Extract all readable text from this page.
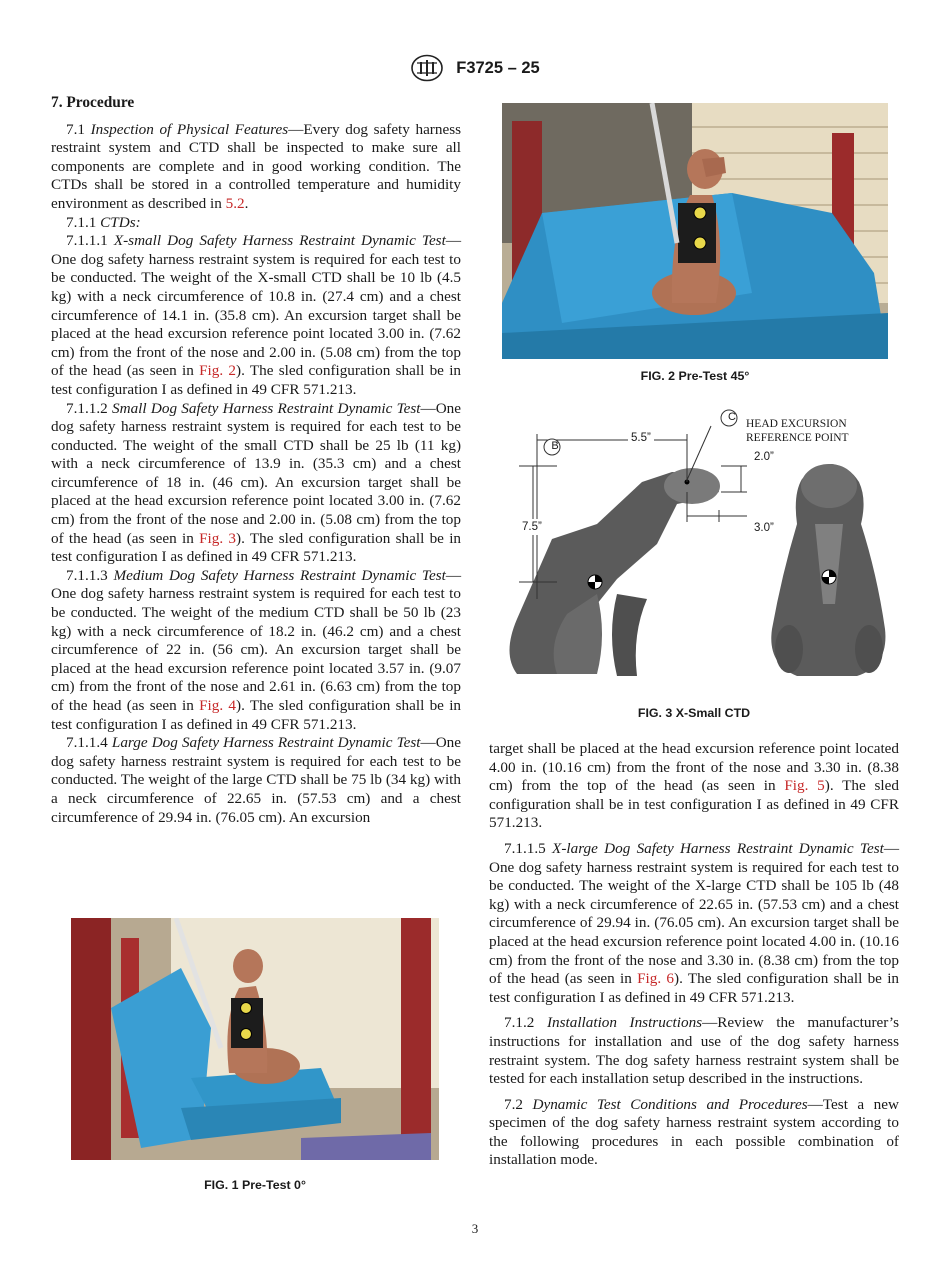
F3725 – 25
7. Procedure

7.1 Inspection of Physical Features—Every dog safety harness restraint system and CTD shall be inspected to make sure all components are complete and in good working condition. The CTDs shall be stored in a controlled temperature and humidity environment as described in 5.2.

7.1.1 CTDs:

7.1.1.1 X-small Dog Safety Harness Restraint Dynamic Test—One dog safety harness restraint system is required for each test to be conducted. The weight of the X-small CTD shall be 10 lb (4.5 kg) with a neck circumference of 10.8 in. (27.4 cm) and a chest circumference of 14.1 in. (35.8 cm). An excursion target shall be placed at the head excursion reference point located 3.00 in. (7.62 cm) from the front of the nose and 2.00 in. (5.08 cm) from the top of the head (as seen in Fig. 2). The sled configuration shall be in test configuration I as defined in 49 CFR 571.213.

7.1.1.2 Small Dog Safety Harness Restraint Dynamic Test—One dog safety harness restraint system is required for each test to be conducted. The weight of the small CTD shall be 25 lb (11 kg) with a neck circumference of 13.9 in. (35.3 cm) and a chest circumference of 18 in. (46 cm). An excursion target shall be placed at the head excursion reference point located 3.00 in. (7.62 cm) from the front of the nose and 2.00 in. (5.08 cm) from the top of the head (as seen in Fig. 3). The sled configuration shall be in test configuration I as defined in 49 CFR 571.213.

7.1.1.3 Medium Dog Safety Harness Restraint Dynamic Test—One dog safety harness restraint system is required for each test to be conducted. The weight of the medium CTD shall be 50 lb (23 kg) with a neck circumference of 18.2 in. (46.2 cm) and a chest circumference of 22 in. (56 cm). An excursion target shall be placed at the head excursion reference point located 3.57 in. (9.07 cm) from the front of the nose and 2.61 in. (6.63 cm) from the top of the head (as seen in Fig. 4). The sled configuration shall be in test configuration I as defined in 49 CFR 571.213.

7.1.1.4 Large Dog Safety Harness Restraint Dynamic Test—One dog safety harness restraint system is required for each test to be conducted. The weight of the large CTD shall be 75 lb (34 kg) with a neck circumference of 22.65 in. (57.53 cm) and a chest circumference of 29.94 in. (76.05 cm). An excursion

FIG. 2 Pre-Test 45°
B
C
5.5”
2.0”
3.0”
7.5”
HEAD EXCURSION
REFERENCE POINT
FIG. 3 X-Small CTD

target shall be placed at the head excursion reference point located 4.00 in. (10.16 cm) from the front of the nose and 3.30 in. (8.38 cm) from the top of the head (as seen in Fig. 5). The sled configuration shall be in test configuration I as defined in 49 CFR 571.213.

7.1.1.5 X-large Dog Safety Harness Restraint Dynamic Test—One dog safety harness restraint system is required for each test to be conducted. The weight of the X-large CTD shall be 105 lb (48 kg) with a neck circumference of 22.65 in. (57.53 cm) and a chest circumference of 29.94 in. (76.05 cm). An excursion target shall be placed at the head excursion reference point located 4.00 in. (10.16 cm) from the front of the nose and 3.30 in. (8.38 cm) from the top of the head (as seen in Fig. 6). The sled configuration shall be in test configuration I as defined in 49 CFR 571.213.

7.1.2 Installation Instructions—Review the manufacturer’s instructions for installation and use of the dog safety harness restraint system. The dog safety harness restraint system shall be tested for each installation setup described in the instructions.

7.2 Dynamic Test Conditions and Procedures—Test a new specimen of the dog safety harness restraint system according to the following procedures in each possible combination of installation mode.

FIG. 1 Pre-Test 0°
3
